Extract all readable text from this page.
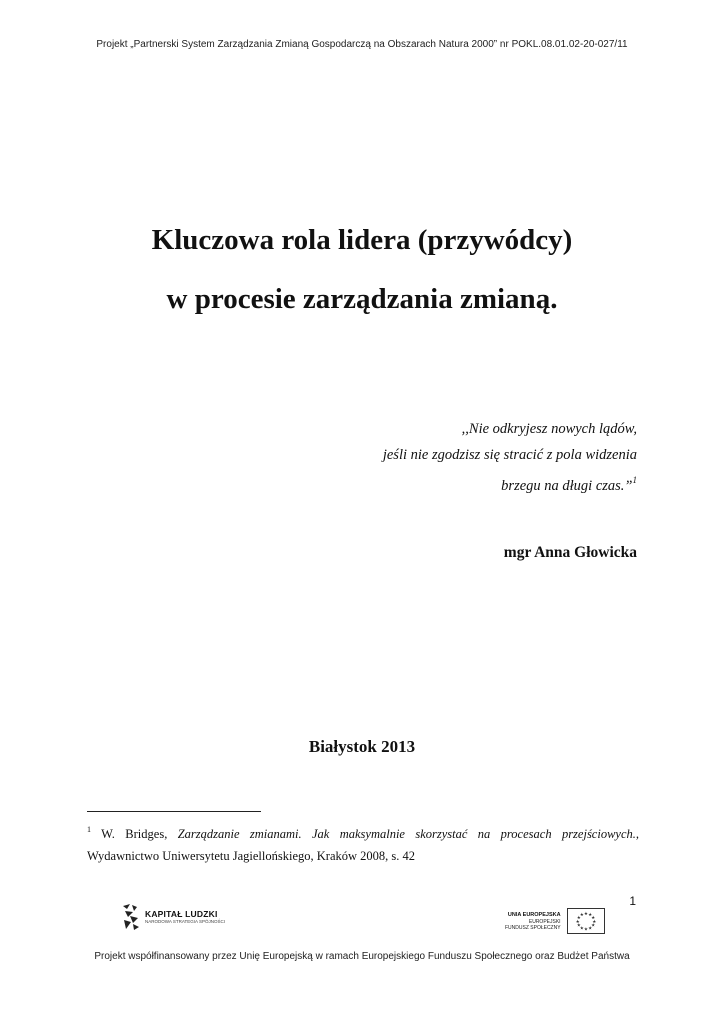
Projekt „Partnerski System Zarządzania Zmianą Gospodarczą na Obszarach Natura 2000” nr POKL.08.01.02-20-027/11
Kluczowa rola lidera (przywódcy)
w procesie zarządzania zmianą.
,,Nie odkryjesz nowych lądów,
jeśli nie zgodzisz się stracić z pola widzenia
brzegu na długi czas.”$^1$
mgr Anna Głowicka
Białystok 2013
$^1$ W. Bridges, Zarządzanie zmianami. Jak maksymalnie skorzystać na procesach przejściowych., Wydawnictwo Uniwersytetu Jagiellońskiego, Kraków 2008, s. 42
1
KAPITAŁ LUDZKI
NARODOWA STRATEGIA SPÓJNOŚCI
UNIA EUROPEJSKA
EUROPEJSKI
FUNDUSZ SPOŁECZNY
★ ★
★
★
★
★
★
★
★
★
★
★
Projekt współfinansowany przez Unię Europejską w ramach Europejskiego Funduszu Społecznego oraz Budżet Państwa
